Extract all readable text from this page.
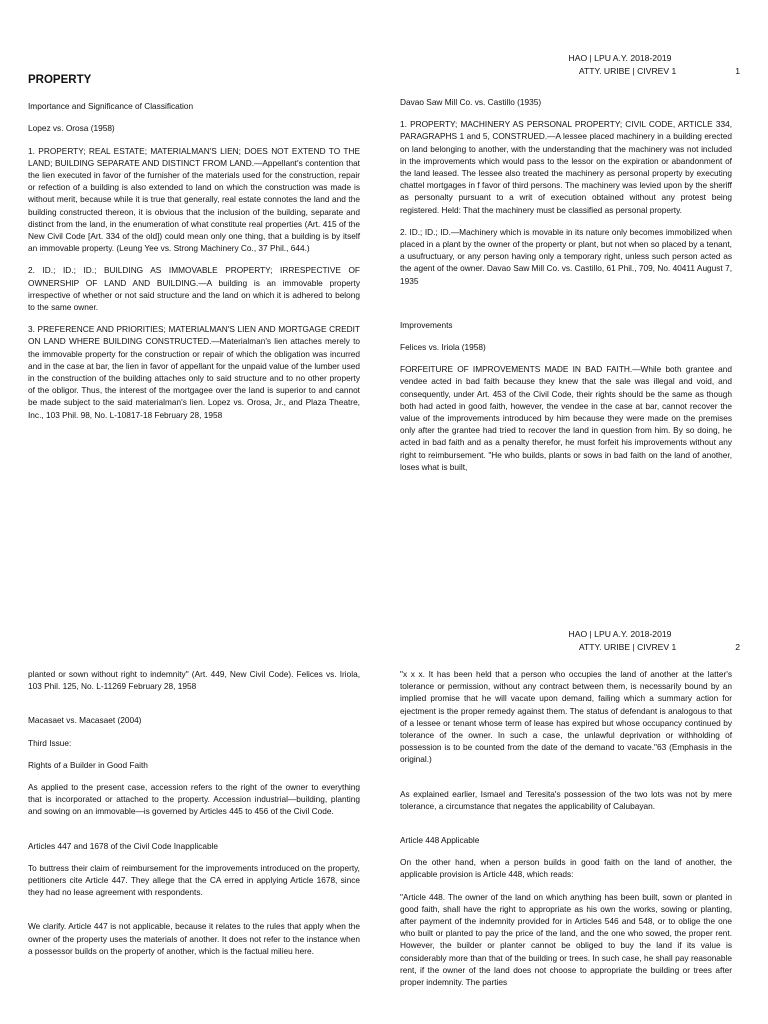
HAO | LPU A.Y. 2018-2019
ATTY. URIBE | CIVREV 1	1
PROPERTY

Importance and Significance of Classification

Lopez vs. Orosa (1958)

1. PROPERTY; REAL ESTATE; MATERIALMAN'S LIEN; DOES NOT EXTEND TO THE LAND; BUILDING SEPARATE AND DISTINCT FROM LAND.—Appellant's contention that the lien executed in favor of the furnisher of the materials used for the construction, repair or refection of a building is also extended to land on which the construction was made is without merit, because while it is true that generally, real estate connotes the land and the building constructed thereon, it is obvious that the inclusion of the building, separate and distinct from the land, in the enumeration of what constitute real properties (Art. 415 of the New Civil Code [Art. 334 of the old]) could mean only one thing, that a building is by itself an immovable property. (Leung Yee vs. Strong Machinery Co., 37 Phil., 644.)

2. ID.; ID.; ID.; BUILDING AS IMMOVABLE PROPERTY; IRRESPECTIVE OF OWNERSHIP OF LAND AND BUILDING.—A building is an immovable property irrespective of whether or not said structure and the land on which it is adhered to belong to the same owner.

3. PREFERENCE AND PRIORITIES; MATERIALMAN'S LIEN AND MORTGAGE CREDIT ON LAND WHERE BUILDING CONSTRUCTED.—Materialman's lien attaches merely to the immovable property for the construction or repair of which the obligation was incurred and in the case at bar, the lien in favor of appellant for the unpaid value of the lumber used in the construction of the building attaches only to said structure and to no other property of the obligor. Thus, the interest of the mortgagee over the land is superior to and cannot be made subject to the said materialman's lien. Lopez vs. Orosa, Jr., and Plaza Theatre, Inc., 103 Phil. 98, No. L-10817-18 February 28, 1958

Davao Saw Mill Co. vs. Castillo (1935)

1. PROPERTY; MACHINERY AS PERSONAL PROPERTY; CIVIL CODE, ARTICLE 334, PARAGRAPHS 1 and 5, CONSTRUED.—A lessee placed machinery in a building erected on land belonging to another, with the understanding that the machinery was not included in the improvements which would pass to the lessor on the expiration or abandonment of the land leased. The lessee also treated the machinery as personal property by executing chattel mortgages in f favor of third persons. The machinery was levied upon by the sheriff as personalty pursuant to a writ of execution obtained without any protest being registered. Held: That the machinery must be classified as personal property.

2. ID.; ID.; ID.—Machinery which is movable in its nature only becomes immobilized when placed in a plant by the owner of the property or plant, but not when so placed by a tenant, a usufructuary, or any person having only a temporary right, unless such person acted as the agent of the owner. Davao Saw Mill Co. vs. Castillo, 61 Phil., 709, No. 40411 August 7, 1935

Improvements

Felices vs. Iriola (1958)

FORFEITURE OF IMPROVEMENTS MADE IN BAD FAITH.—While both grantee and vendee acted in bad faith because they knew that the sale was illegal and void, and consequently, under Art. 453 of the Civil Code, their rights should be the same as though both had acted in good faith, however, the vendee in the case at bar, cannot recover the value of the improvements introduced by him because they were made on the premises only after the grantee had tried to recover the land in question from him. By so doing, he acted in bad faith and as a penalty therefor, he must forfeit his improvements without any right to reimbursement. "He who builds, plants or sows in bad faith on the land of another, loses what is built,

HAO | LPU A.Y. 2018-2019
ATTY. URIBE | CIVREV 1	2

planted or sown without right to indemnity" (Art. 449, New Civil Code). Felices vs. Iriola, 103 Phil. 125, No. L-11269 February 28, 1958

Macasaet vs. Macasaet (2004)

Third Issue:

Rights of a Builder in Good Faith

As applied to the present case, accession refers to the right of the owner to everything that is incorporated or attached to the property. Accession industrial—building, planting and sowing on an immovable—is governed by Articles 445 to 456 of the Civil Code.

Articles 447 and 1678 of the Civil Code Inapplicable

To buttress their claim of reimbursement for the improvements introduced on the property, petitioners cite Article 447. They allege that the CA erred in applying Article 1678, since they had no lease agreement with respondents.

We clarify. Article 447 is not applicable, because it relates to the rules that apply when the owner of the property uses the materials of another. It does not refer to the instance when a possessor builds on the property of another, which is the factual milieu here.

"x x x. It has been held that a person who occupies the land of another at the latter's tolerance or permission, without any contract between them, is necessarily bound by an implied promise that he will vacate upon demand, failing which a summary action for ejectment is the proper remedy against them. The status of defendant is analogous to that of a lessee or tenant whose term of lease has expired but whose occupancy continued by tolerance of the owner. In such a case, the unlawful deprivation or withholding of possession is to be counted from the date of the demand to vacate."63 (Emphasis in the original.)

As explained earlier, Ismael and Teresita's possession of the two lots was not by mere tolerance, a circumstance that negates the applicability of Calubayan.

Article 448 Applicable

On the other hand, when a person builds in good faith on the land of another, the applicable provision is Article 448, which reads:

"Article 448. The owner of the land on which anything has been built, sown or planted in good faith, shall have the right to appropriate as his own the works, sowing or planting, after payment of the indemnity provided for in Articles 546 and 548, or to oblige the one who built or planted to pay the price of the land, and the one who sowed, the proper rent. However, the builder or planter cannot be obliged to buy the land if its value is considerably more than that of the building or trees. In such case, he shall pay reasonable rent, if the owner of the land does not choose to appropriate the building or trees after proper indemnity. The parties
